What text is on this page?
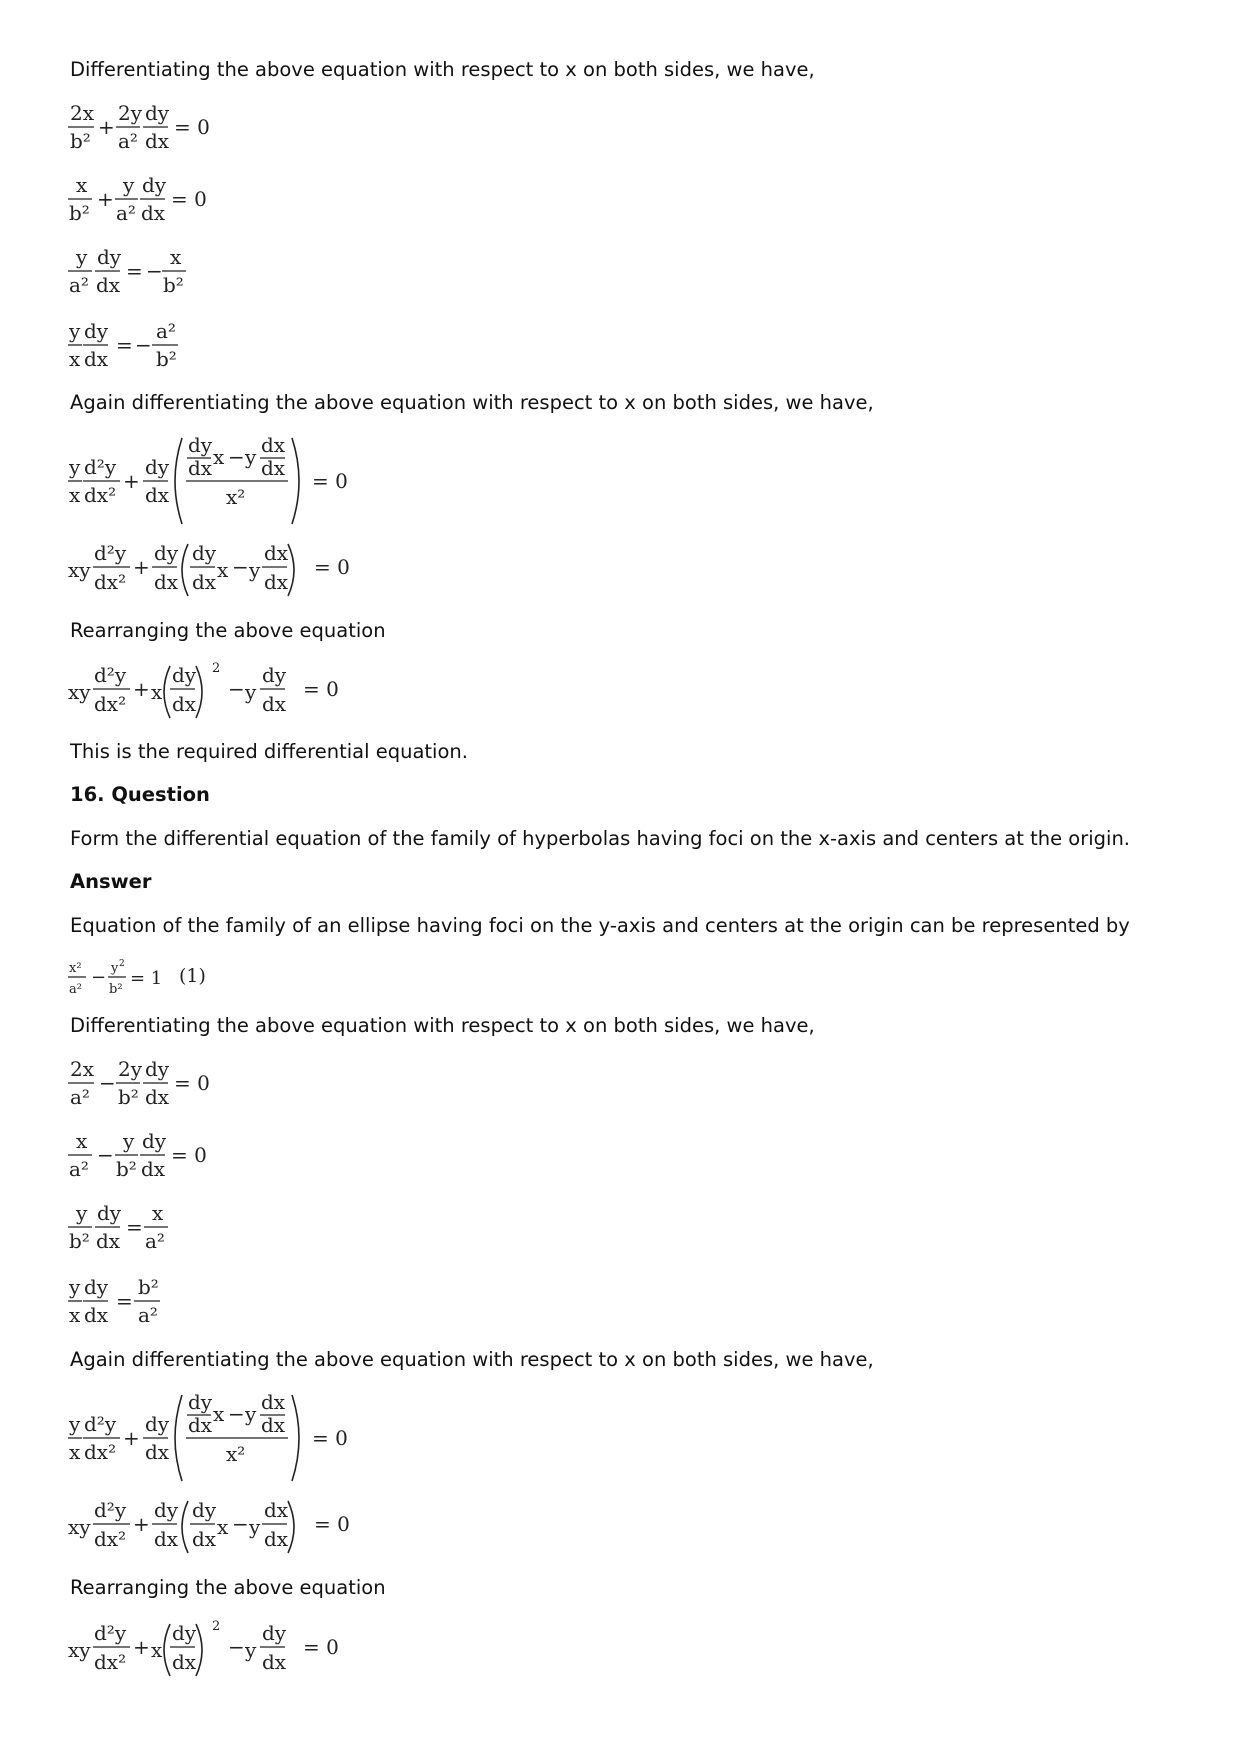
Differentiating the above equation with respect to x on both sides, we have,
2x
b²
+
2y
a²
dy
dx
= 0
x
b²
+
y
a²
dy
dx
= 0
y
a²
dy
dx
= −
x
b²
y
x
dy
dx
= −
a²
b²
Again differentiating the above equation with respect to x on both sides, we have,
y
x
d²y
dx²
+
dy
dx
dy
dx x − y dx
dx
x²
= 0
xy
d²y
dx²
+
dy
dx
dy
dx x − y
dx
dx
= 0
Rearranging the above equation
xy
d²y
dx²
+ x
dy
dx
2
− y
dy
dx
= 0
This is the required differential equation.
16. Question
Form the differential equation of the family of hyperbolas having foci on the x-axis and centers at the origin.
Answer
Equation of the family of an ellipse having foci on the y-axis and centers at the origin can be represented by
x²
a²
− y 2
b²
= 1 (1)
Differentiating the above equation with respect to x on both sides, we have,
2x
a²
−
2y
b²
dy
dx
= 0
x
a²
−
y
b²
dy
dx
= 0
y
b²
dy
dx
=
x
a²
y
x
dy
dx
=
b²
a²
Again differentiating the above equation with respect to x on both sides, we have,
y
x
d²y
dx²
+
dy
dx
dy
dx x − y dx
dx
x²
= 0
xy
d²y
dx²
+
dy
dx
dy
dx x − y
dx
dx
= 0
Rearranging the above equation
xy
d²y
dx²
+ x
dy
dx
2
− y
dy
dx
= 0
